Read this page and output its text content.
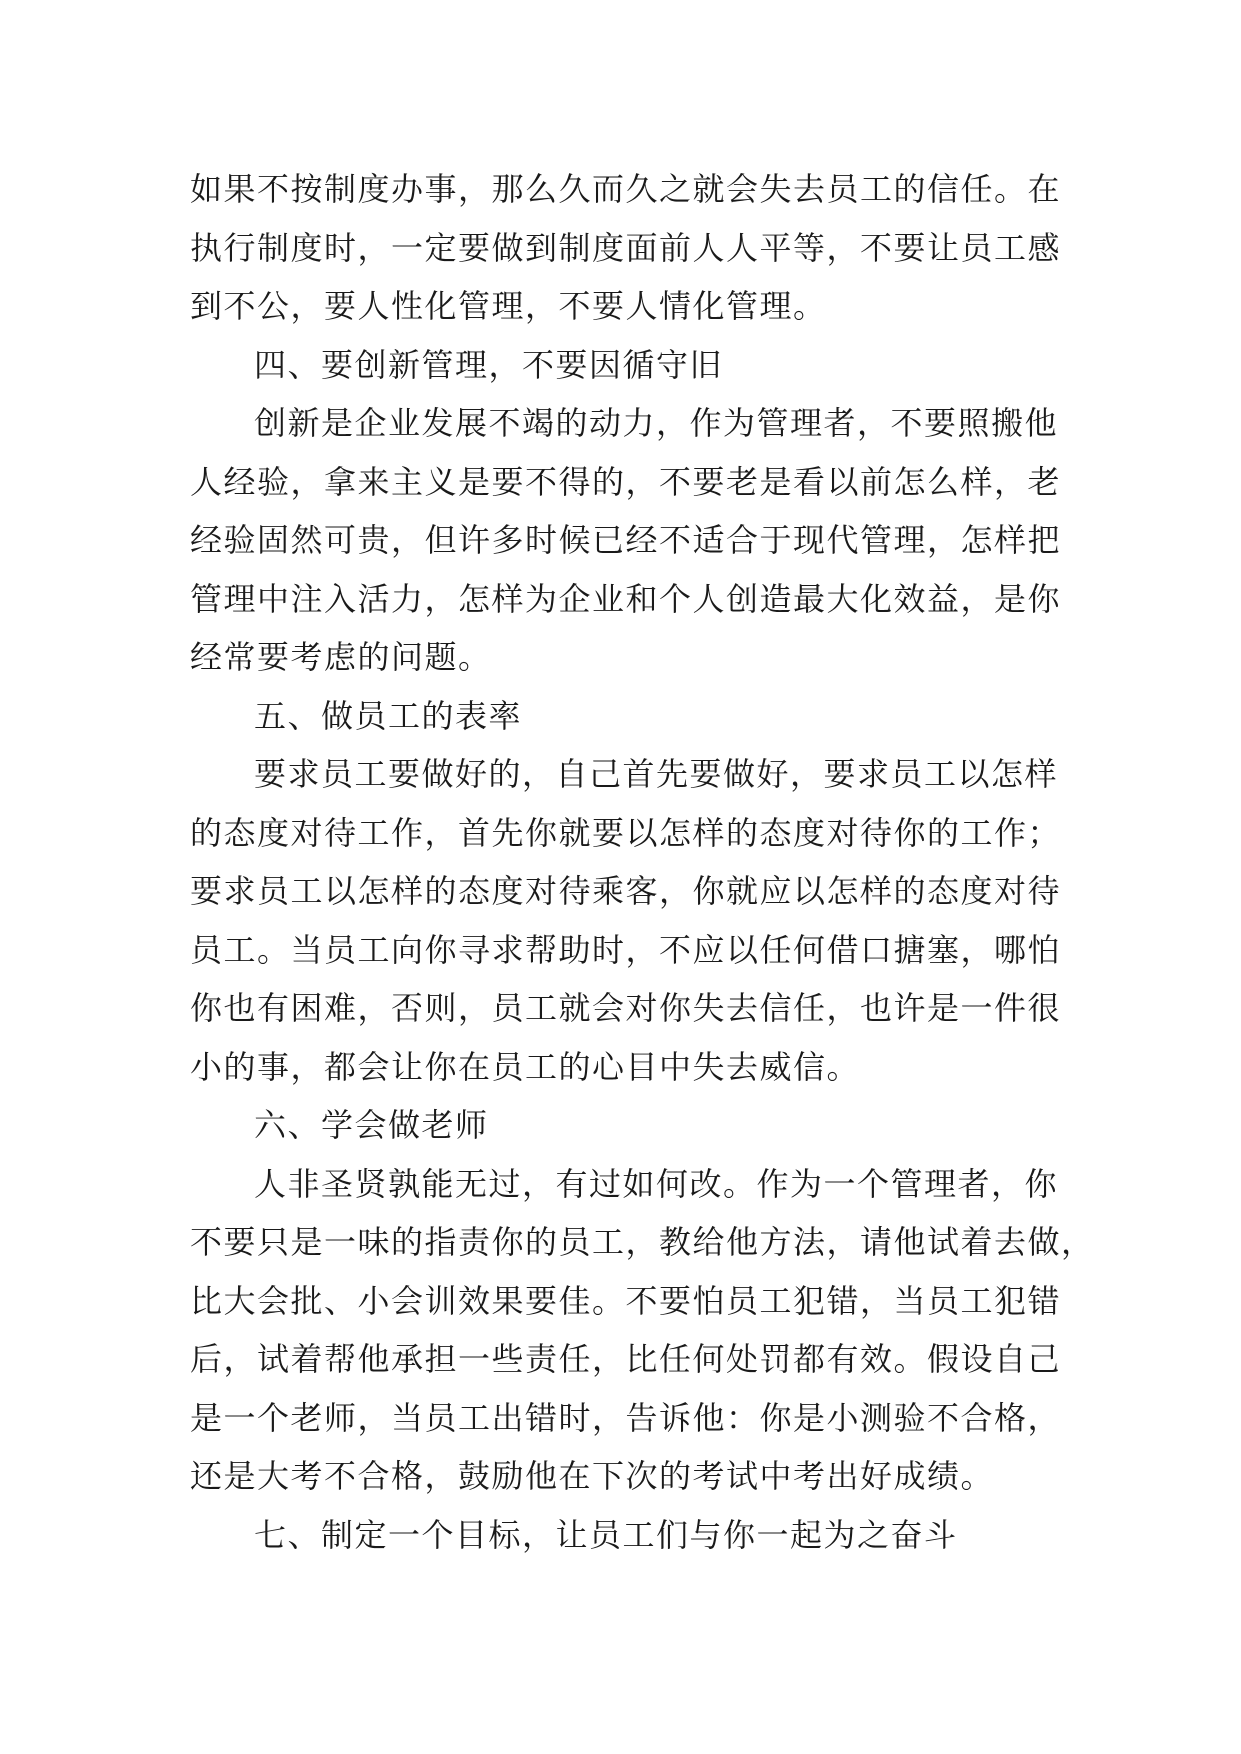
如果不按制度办事，那么久而久之就会失去员工的信任。在
执行制度时，一定要做到制度面前人人平等，不要让员工感
到不公，要人性化管理，不要人情化管理。
四、要创新管理，不要因循守旧
创新是企业发展不竭的动力，作为管理者，不要照搬他
人经验，拿来主义是要不得的，不要老是看以前怎么样，老
经验固然可贵，但许多时候已经不适合于现代管理，怎样把
管理中注入活力，怎样为企业和个人创造最大化效益，是你
经常要考虑的问题。
五、做员工的表率
要求员工要做好的，自己首先要做好，要求员工以怎样
的态度对待工作，首先你就要以怎样的态度对待你的工作；
要求员工以怎样的态度对待乘客，你就应以怎样的态度对待
员工。当员工向你寻求帮助时，不应以任何借口搪塞，哪怕
你也有困难，否则，员工就会对你失去信任，也许是一件很
小的事，都会让你在员工的心目中失去威信。
六、学会做老师
人非圣贤孰能无过，有过如何改。作为一个管理者，你
不要只是一味的指责你的员工，教给他方法，请他试着去做，
比大会批、小会训效果要佳。不要怕员工犯错，当员工犯错
后，试着帮他承担一些责任，比任何处罚都有效。假设自己
是一个老师，当员工出错时，告诉他：你是小测验不合格，
还是大考不合格，鼓励他在下次的考试中考出好成绩。
七、制定一个目标，让员工们与你一起为之奋斗
